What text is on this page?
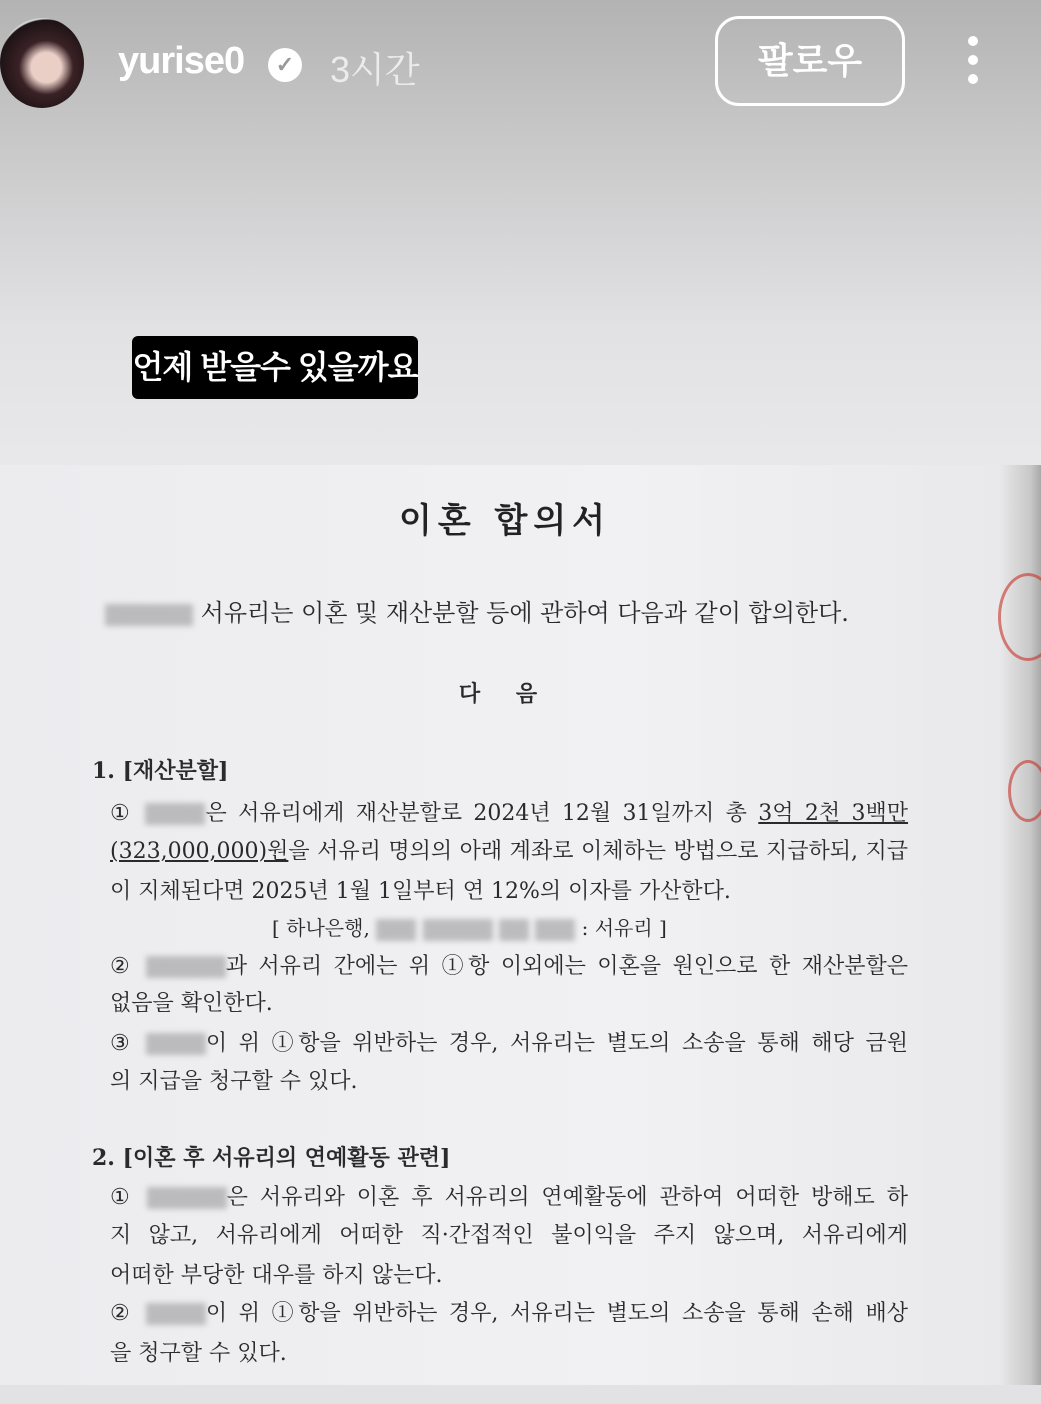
yurise0	✓ 3시간	팔로우
언제 받을수 있을까요
이혼 합의서
서유리는 이혼 및 재산분할 등에 관하여 다음과 같이 합의한다.
다 음
1. [재산분할]
①	은 서유리에게 재산분할로 2024년 12월 31일까지 총 3억 2천 3백만
(323,000,000)원을 서유리 명의의 아래 계좌로 이체하는 방법으로 지급하되, 지급
이 지체된다면 2025년 1월 1일부터 연 12%의 이자를 가산한다.
[ 하나은행,	: 서유리 ]
②	과 서유리 간에는 위 ①항 이외에는 이혼을 원인으로 한 재산분할은
없음을 확인한다.
③	이 위 ①항을 위반하는 경우, 서유리는 별도의 소송을 통해 해당 금원
의 지급을 청구할 수 있다.
2. [이혼 후 서유리의 연예활동 관련]
①	은 서유리와 이혼 후 서유리의 연예활동에 관하여 어떠한 방해도 하
지 않고, 서유리에게 어떠한 직·간접적인 불이익을 주지 않으며, 서유리에게
어떠한 부당한 대우를 하지 않는다.
②	이 위 ①항을 위반하는 경우, 서유리는 별도의 소송을 통해 손해 배상
을 청구할 수 있다.
